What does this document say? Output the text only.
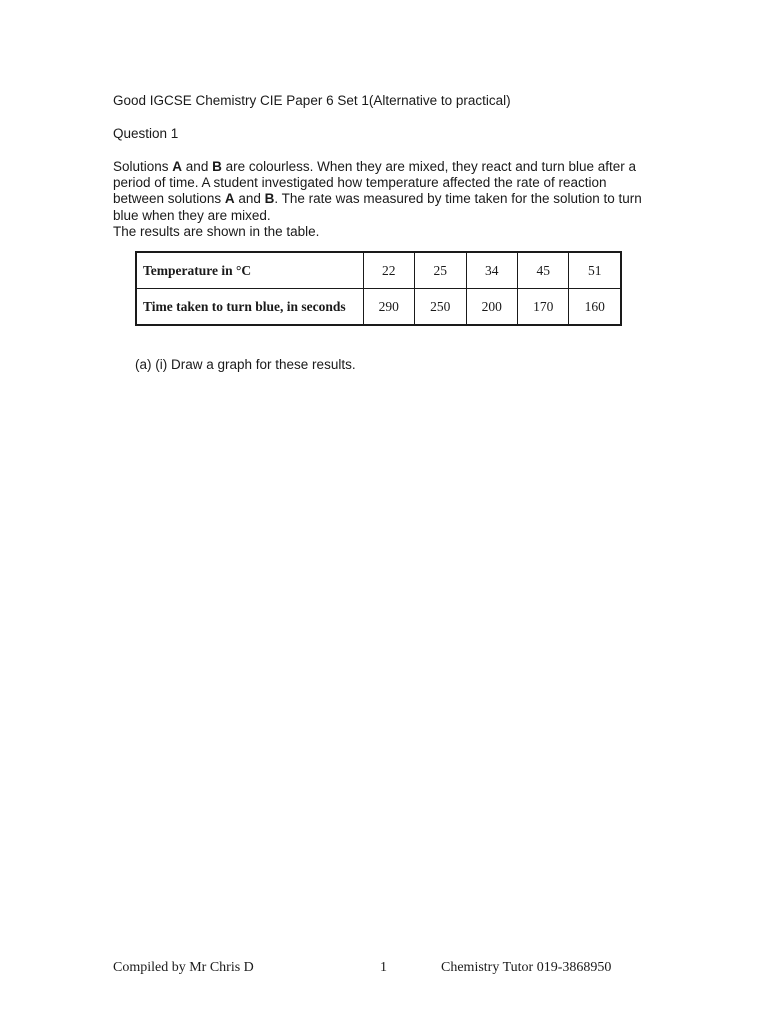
Good IGCSE Chemistry CIE Paper 6 Set 1(Alternative to practical)
Question 1

Solutions A and B are colourless. When they are mixed, they react and turn blue after a period of time. A student investigated how temperature affected the rate of reaction between solutions A and B. The rate was measured by time taken for the solution to turn blue when they are mixed.

The results are shown in the table.

Temperature in °C	22	25	34	45	51
Time taken to turn blue, in seconds	290	250	200	170	160
(a) (i) Draw a graph for these results.
Compiled by Mr Chris D	1	Chemistry Tutor 019-3868950
